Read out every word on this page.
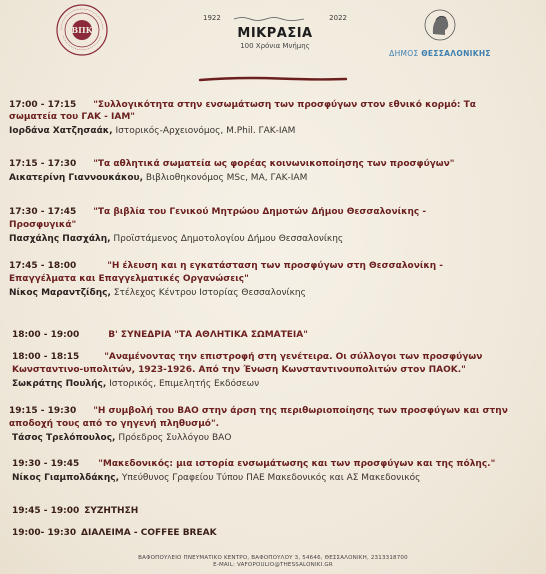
ΒΠΚ
1922	2022
ΜΙΚΡΑΣΙΑ
100 Χρόνια Μνήμης
ΔΗΜΟΣ ΘΕΣΣΑΛΟΝΙΚΗΣ
17:00 - 17:15 "Συλλογικότητα στην ενσωμάτωση των προσφύγων στον εθνικό κορμό: Τα
σωματεία του ΓΑΚ - ΙΑΜ"
Ιορδάνα Χατζησαάκ, Ιστορικός-Αρχειονόμος, M.Phil. ΓΑΚ-ΙΑΜ
17:15 - 17:30 "Τα αθλητικά σωματεία ως φορέας κοινωνικοποίησης των προσφύγων"
Αικατερίνη Γιαννουκάκου, Βιβλιοθηκονόμος MSc, MA, ΓΑΚ-ΙΑΜ
17:30 - 17:45 "Τα βιβλία του Γενικού Μητρώου Δημοτών Δήμου Θεσσαλονίκης -
Προσφυγικά"
Πασχάλης Πασχάλη, Προϊστάμενος Δημοτολογίου Δήμου Θεσσαλονίκης
17:45 - 18:00	"Η έλευση και η εγκατάσταση των προσφύγων στη Θεσσαλονίκη -
Επαγγέλματα και Επαγγελματικές Οργανώσεις"
Νίκος Μαραντζίδης, Στέλεχος Κέντρου Ιστορίας Θεσσαλονίκης
18:00 - 19:00	Β' ΣΥΝΕΔΡΙΑ "ΤΑ ΑΘΛΗΤΙΚΑ ΣΩΜΑΤΕΙΑ"
18:00 - 18:15	"Αναμένοντας την επιστροφή στη γενέτειρα. Οι σύλλογοι των προσφύγων
Κωνσταντινο-υπολιτών, 1923-1926. Από την Ένωση Κωνσταντινουπολιτών στον ΠΑΟΚ."
Σωκράτης Πουλής, Ιστορικός, Επιμελητής Εκδόσεων
19:15 - 19:30 "Η συμβολή του ΒΑΟ στην άρση της περιθωριοποίησης των προσφύγων και στην
αποδοχή τους από το γηγενή πληθυσμό".
Τάσος Τρελόπουλος, Πρόεδρος Συλλόγου ΒΑΟ
19:30 - 19:45 "Μακεδονικός: μια ιστορία ενσωμάτωσης και των προσφύγων και της πόλης."
Νίκος Γιαμπολδάκης, Υπεύθυνος Γραφείου Τύπου ΠΑΕ Μακεδονικός και ΑΣ Μακεδονικός
19:45 - 19:00 ΣΥΖΗΤΗΣΗ
19:00- 19:30 ΔΙΑΛΕΙΜΑ - COFFEE BREAK
ΒΑΦΟΠΟΥΛΕΙΟ ΠΝΕΥΜΑΤΙΚΟ ΚΕΝΤΡΟ, ΒΑΦΟΠΟΥΛΟΥ 3, 54646, ΘΕΣΣΑΛΟΝΙΚΗ, 2313318700
E-MAIL: VAFOPOULIO@THESSALONIKI.GR
